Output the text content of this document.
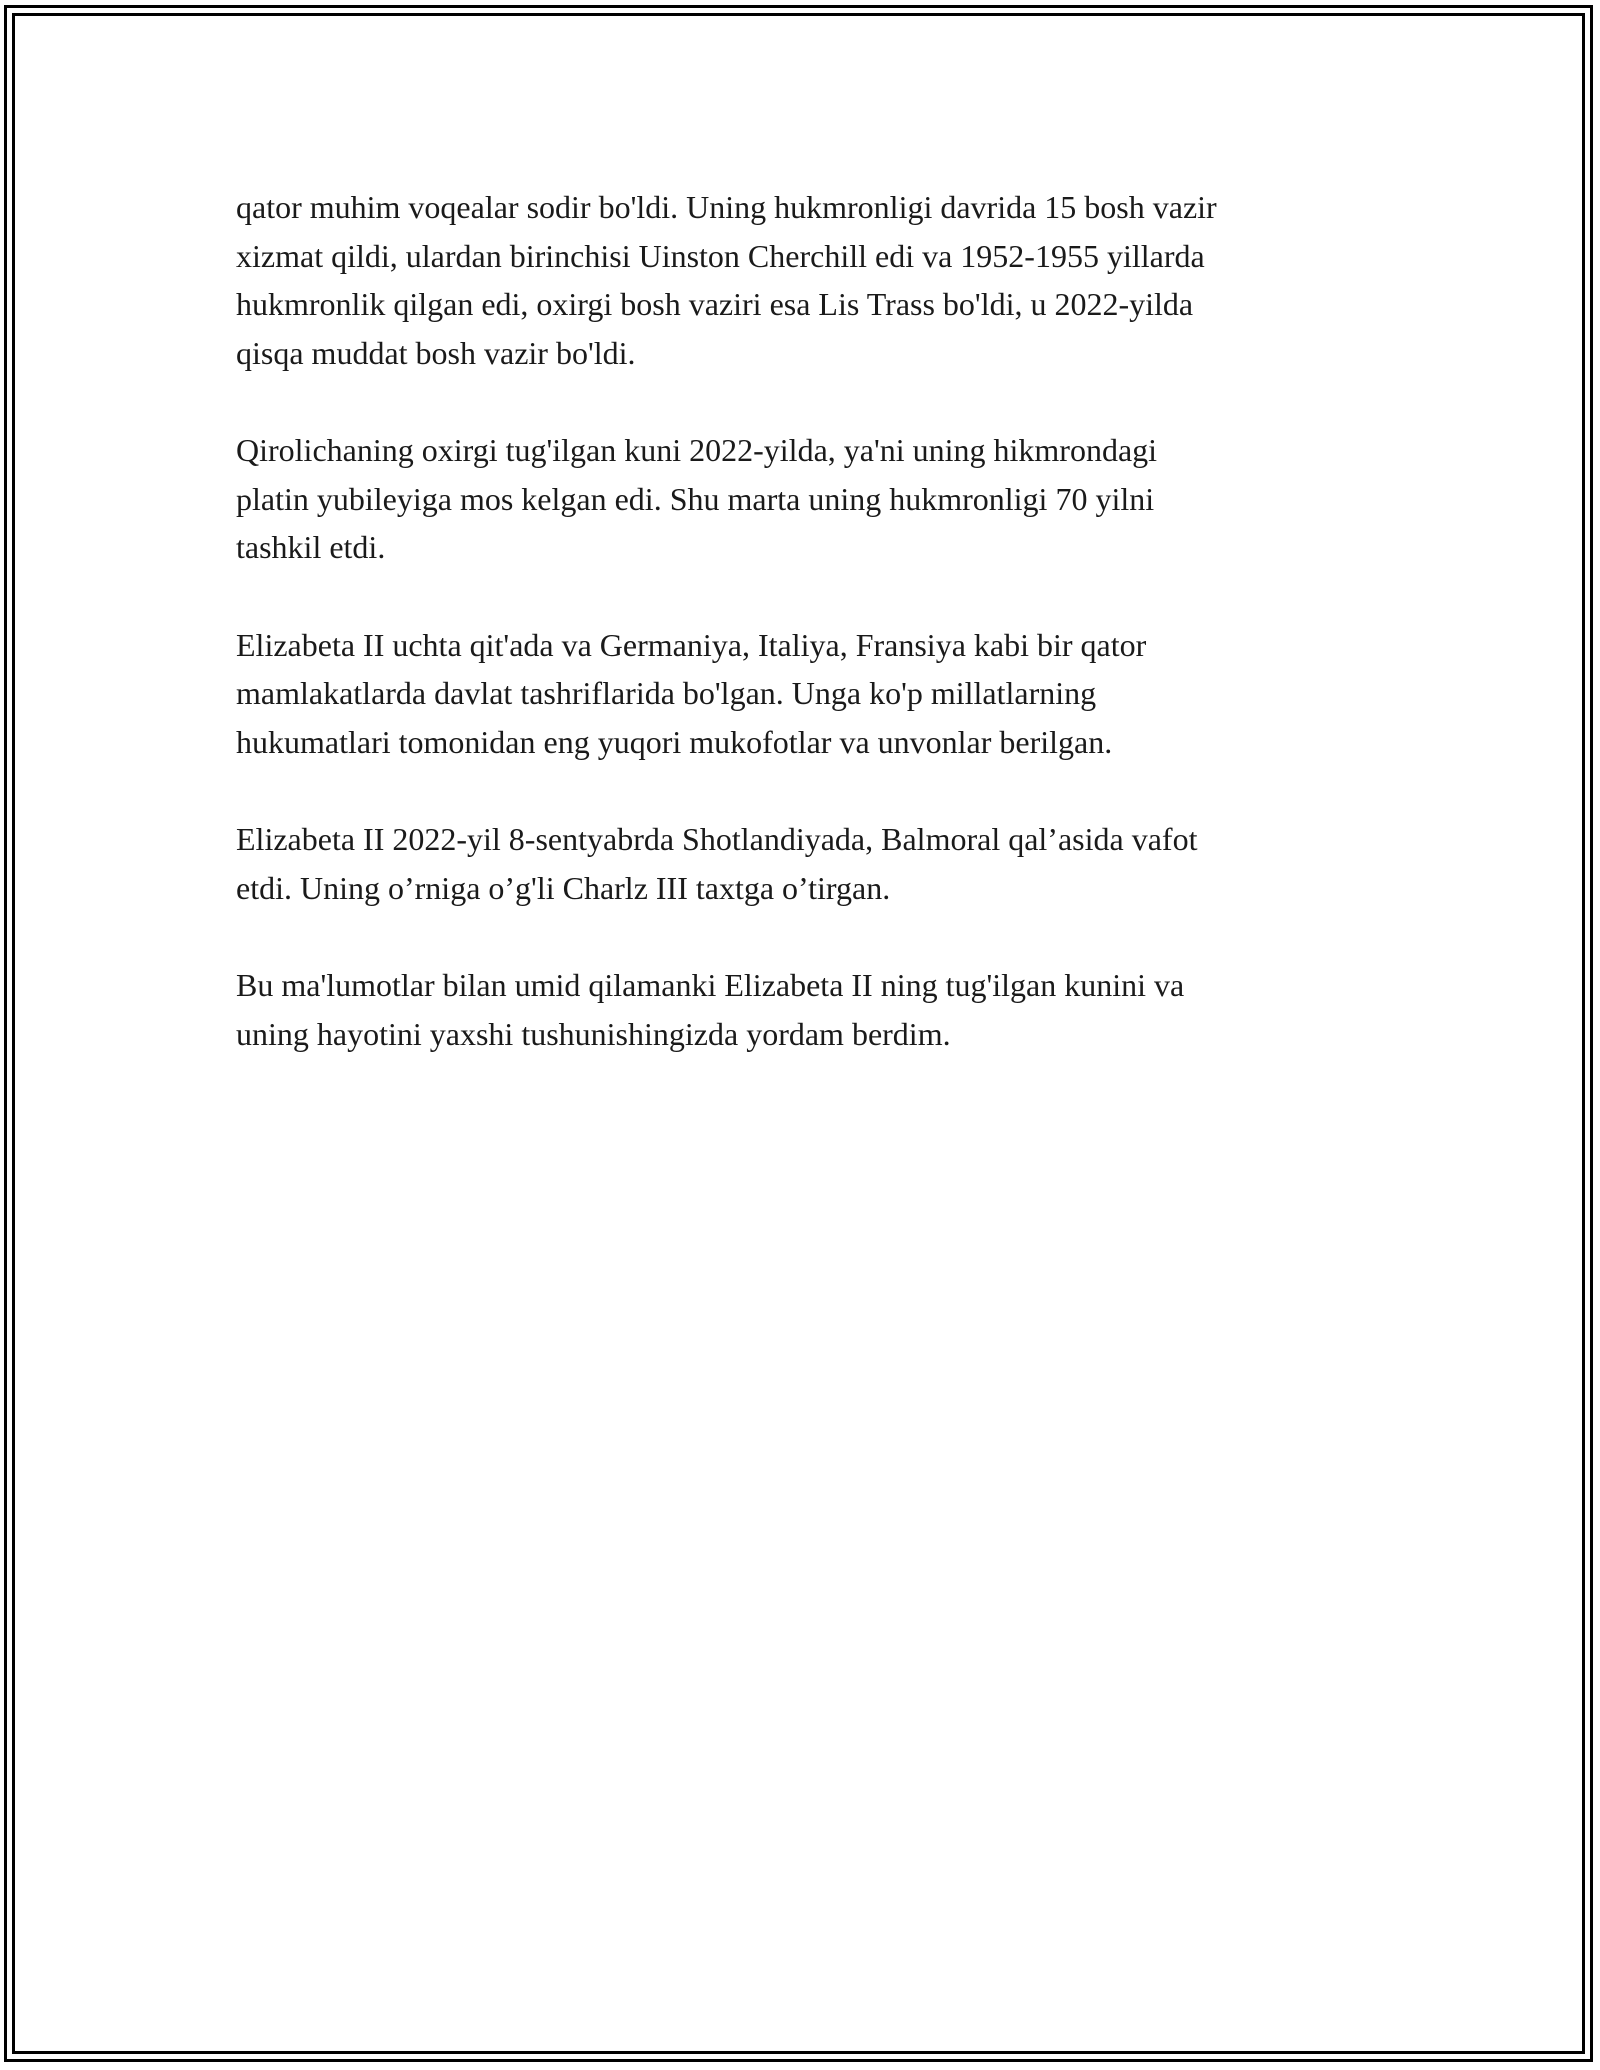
qator muhim voqealar sodir bo'ldi. Uning hukmronligi davrida 15 bosh vazir
xizmat qildi, ulardan birinchisi Uinston Cherchill edi va 1952-1955 yillarda
hukmronlik qilgan edi, oxirgi bosh vaziri esa Lis Trass bo'ldi, u 2022-yilda
qisqa muddat bosh vazir bo'ldi.

Qirolichaning oxirgi tug'ilgan kuni 2022-yilda, ya'ni uning hikmrondagi
platin yubileyiga mos kelgan edi. Shu marta uning hukmronligi 70 yilni
tashkil etdi.

Elizabeta II uchta qit'ada va Germaniya, Italiya, Fransiya kabi bir qator
mamlakatlarda davlat tashriflarida bo'lgan. Unga ko'p millatlarning
hukumatlari tomonidan eng yuqori mukofotlar va unvonlar berilgan.

Elizabeta II 2022-yil 8-sentyabrda Shotlandiyada, Balmoral qal’asida vafot
etdi. Uning o’rniga o’g'li Charlz III taxtga o’tirgan.

Bu ma'lumotlar bilan umid qilamanki Elizabeta II ning tug'ilgan kunini va
uning hayotini yaxshi tushunishingizda yordam berdim.
